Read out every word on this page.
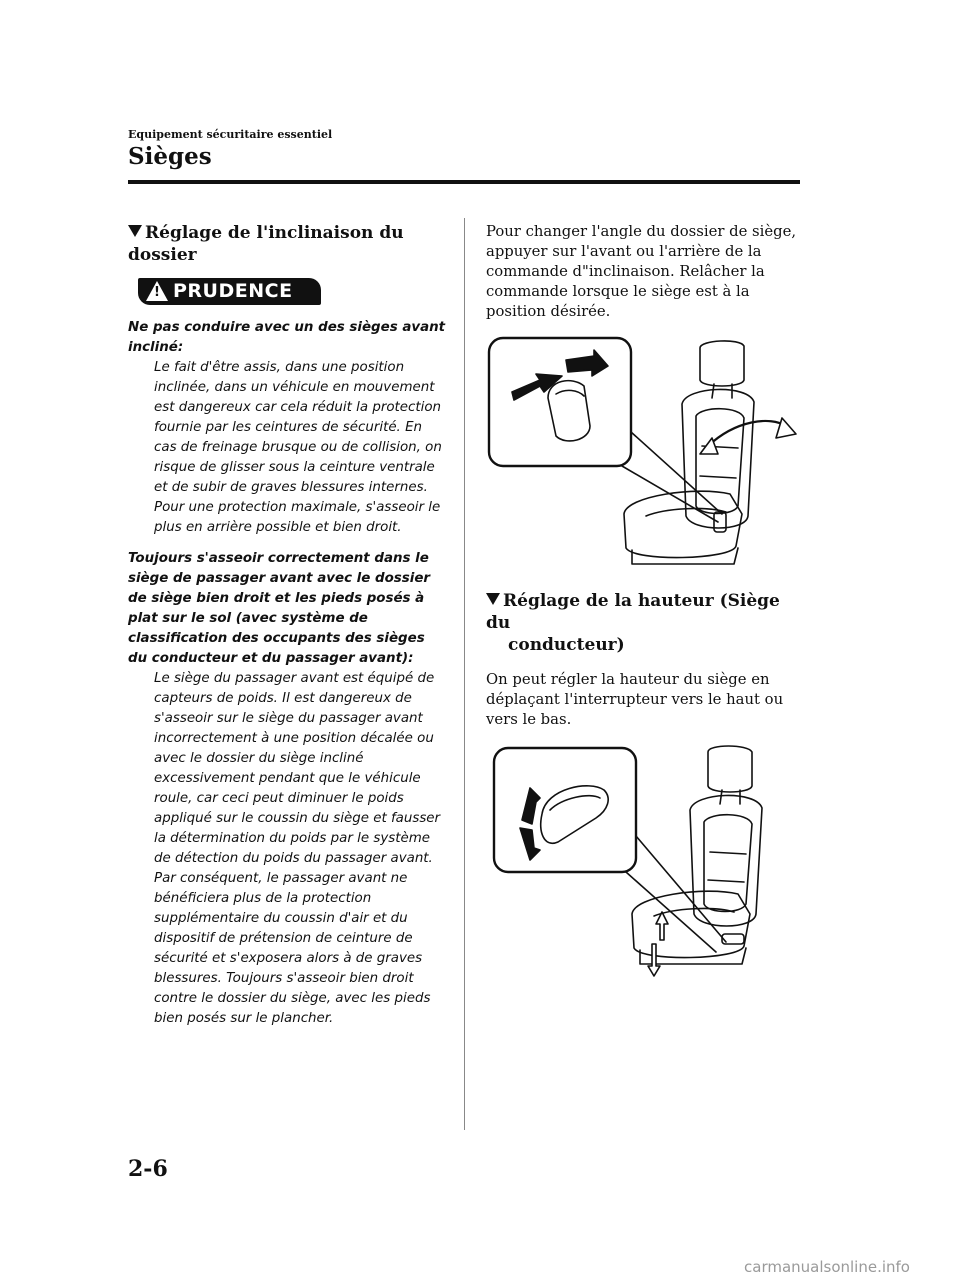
Equipement sécuritaire essentiel
Sièges
Réglage de l'inclinaison du dossier
! PRUDENCE

Ne pas conduire avec un des sièges avant incliné:

Le fait d'être assis, dans une position inclinée, dans un véhicule en mouvement est dangereux car cela réduit la protection fournie par les ceintures de sécurité. En cas de freinage brusque ou de collision, on risque de glisser sous la ceinture ventrale et de subir de graves blessures internes. Pour une protection maximale, s'asseoir le plus en arrière possible et bien droit.

Toujours s'asseoir correctement dans le siège de passager avant avec le dossier de siège bien droit et les pieds posés à plat sur le sol (avec système de classification des occupants des sièges du conducteur et du passager avant):

Le siège du passager avant est équipé de capteurs de poids. Il est dangereux de s'asseoir sur le siège du passager avant incorrectement à une position décalée ou avec le dossier du siège incliné excessivement pendant que le véhicule roule, car ceci peut diminuer le poids appliqué sur le coussin du siège et fausser la détermination du poids par le système de détection du poids du passager avant. Par conséquent, le passager avant ne bénéficiera plus de la protection supplémentaire du coussin d'air et du dispositif de prétension de ceinture de sécurité et s'exposera alors à de graves blessures. Toujours s'asseoir bien droit contre le dossier du siège, avec les pieds bien posés sur le plancher.

Pour changer l'angle du dossier de siège, appuyer sur l'avant ou l'arrière de la commande d"inclinaison. Relâcher la commande lorsque le siège est à la position désirée.

Réglage de la hauteur (Siège du
conducteur)

On peut régler la hauteur du siège en déplaçant l'interrupteur vers le haut ou vers le bas.

2-6
carmanualsonline.info
